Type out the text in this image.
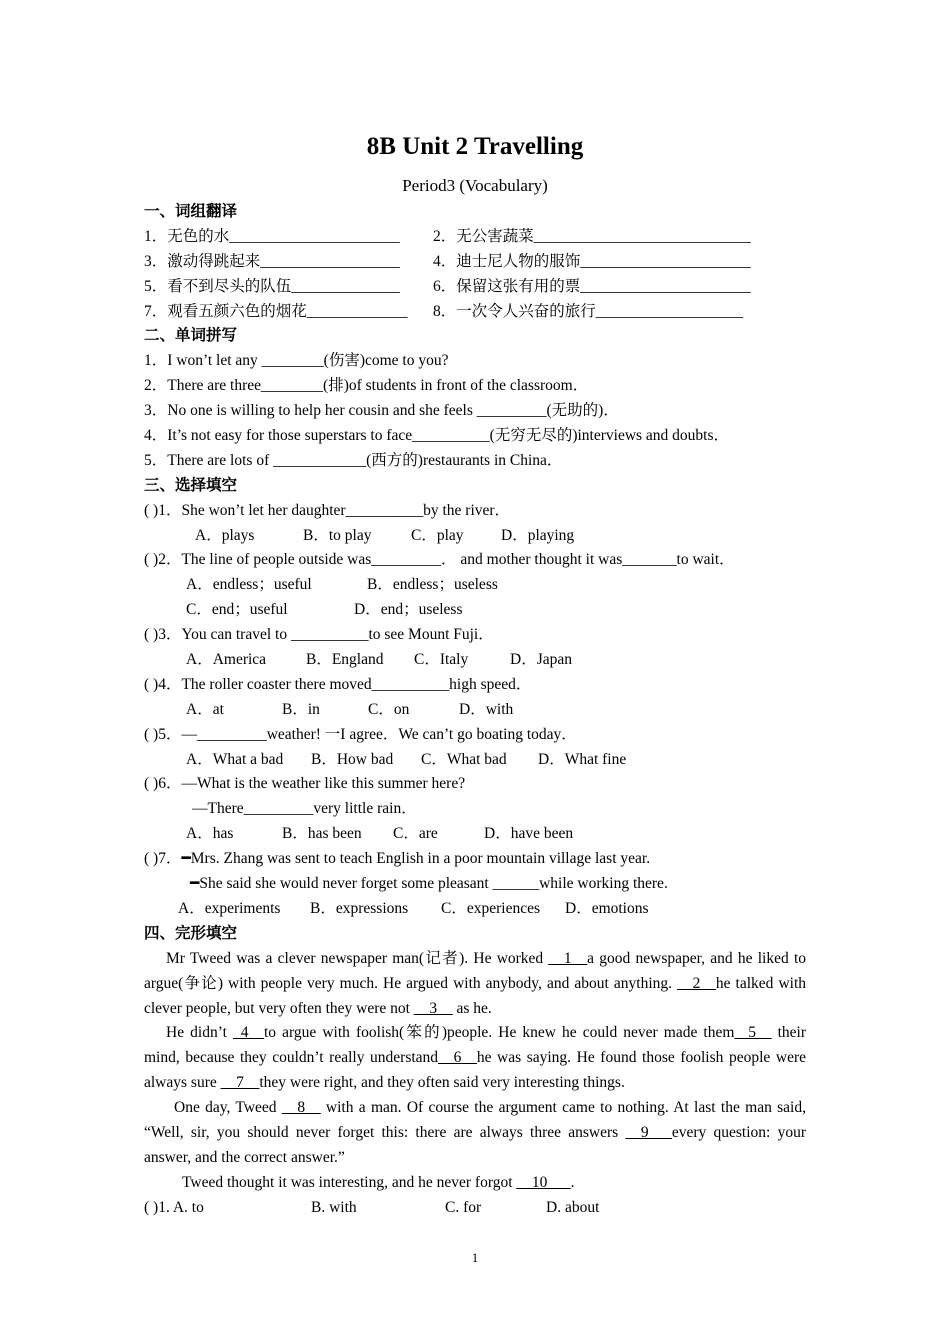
8B Unit 2 Travelling
Period3 (Vocabulary)
一、词组翻译
1．无色的水______________________ 2．无公害蔬菜____________________________
3．激动得跳起来__________________ 4．迪士尼人物的服饰______________________
5．看不到尽头的队伍______________ 6．保留这张有用的票______________________
7．观看五颜六色的烟花_____________ 8．一次令人兴奋的旅行___________________
二、单词拼写
1．I won’t let any ________(伤害)come to you?
2．There are three________(排)of students in front of the classroom．
3．No one is willing to help her cousin and she feels _________(无助的)．
4．It’s not easy for those superstars to face__________(无穷无尽的)interviews and doubts．
5．There are lots of ____________(西方的)restaurants in China．
三、选择填空
( )1．She won’t let her daughter__________by the river．
A．plays	B．to play	C．play D．playing
( )2．The line of people outside was_________． and mother thought it was_______to wait．
A．endless；useful	B．endless；useless
C．end；useful	D．end；useless
( )3．You can travel to __________to see Mount Fuji．
A．America	B．England C．Italy	D．Japan
( )4．The roller coaster there moved__________high speed．
A．at	B．in	C．on	D．with
( )5．—_________weather! 一I agree．We can’t go boating today．
A．What a bad B．How bad C．What bad D．What fine
( )6．—What is the weather like this summer here?
—There_________very little rain．
A．has	B．has been C．are	D．have been
( )7．━Mrs. Zhang was sent to teach English in a poor mountain village last year.
━She said she would never forget some pleasant ______while working there.
A．experiments B．expressions C．experiences D．emotions
四、完形填空

Mr Tweed was a clever newspaper man(记者). He worked __1__a good newspaper, and he liked to argue(争论) with people very much. He argued with anybody, and about anything. __2__he talked with clever people, but very often they were not __3__ as he.

He didn’t _4__to argue with foolish(笨的)people. He knew he could never made them_ 5__ their mind, because they couldn’t really understand__6__he was saying. He found those foolish people were always sure __7__they were right, and they often said very interesting things.

One day, Tweed __8__ with a man. Of course the argument came to nothing. At last the man said, “Well, sir, you should never forget this: there are always three answers __9___every question: your answer, and the correct answer.”

Tweed thought it was interesting, and he never forgot __10___.

( )1. A. to	B. with	C. for	D. about
1
